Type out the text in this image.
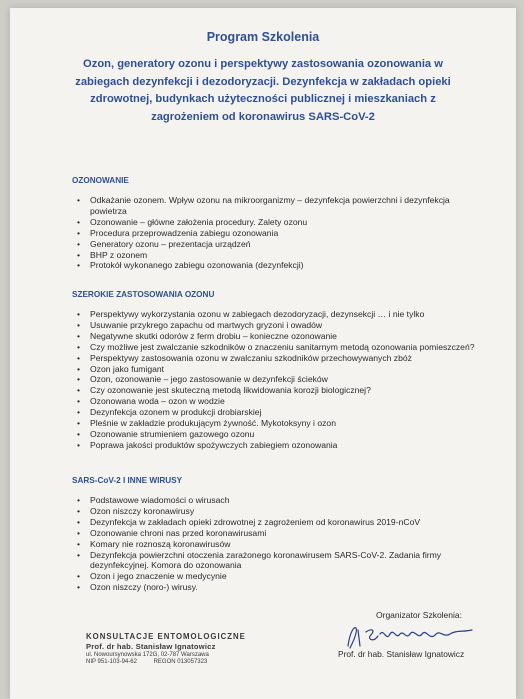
Program Szkolenia
Ozon, generatory ozonu i perspektywy zastosowania ozonowania w
zabiegach dezynfekcji i dezodoryzacji. Dezynfekcja w zakładach opieki
zdrowotnej, budynkach użyteczności publicznej i mieszkaniach z
zagrożeniem od koronawirus SARS-CoV-2
OZONOWANIE
• Odkażanie ozonem. Wpływ ozonu na mikroorganizmy – dezynfekcja powierzchni i dezynfekcja powietrza
• Ozonowanie – główne założenia procedury. Zalety ozonu
• Procedura przeprowadzenia zabiegu ozonowania
• Generatory ozonu – prezentacja urządzeń
• BHP z ozonem
• Protokół wykonanego zabiegu ozonowania (dezynfekcji)
SZEROKIE ZASTOSOWANIA OZONU
• Perspektywy wykorzystania ozonu w zabiegach dezodoryzacji, dezynsekcji … i nie tylko
• Usuwanie przykrego zapachu od martwych gryzoni i owadów
• Negatywne skutki odorów z ferm drobiu – konieczne ozonowanie
• Czy możliwe jest zwalczanie szkodników o znaczeniu sanitarnym metodą ozonowania pomieszczeń?
• Perspektywy zastosowania ozonu w zwalczaniu szkodników przechowywanych zbóż
• Ozon jako fumigant
• Ozon, ozonowanie – jego zastosowanie w dezynfekcji ścieków
• Czy ozonowanie jest skuteczną metodą likwidowania korozji biologicznej?
• Ozonowana woda – ozon w wodzie
• Dezynfekcja ozonem w produkcji drobiarskiej
• Pleśnie w zakładzie produkującym żywność. Mykotoksyny i ozon
• Ozonowanie strumieniem gazowego ozonu
• Poprawa jakości produktów spożywczych zabiegiem ozonowania
SARS-CoV-2 I INNE WIRUSY
• Podstawowe wiadomości o wirusach
• Ozon niszczy koronawirusy
• Dezynfekcja w zakładach opieki zdrowotnej z zagrożeniem od koronawirus 2019-nCoV
• Ozonowanie chroni nas przed koronawirusami
• Komary nie roznoszą koronawirusów
• Dezynfekcja powierzchni otoczenia zarażonego koronawirusem SARS-CoV-2. Zadania firmy dezynfekcyjnej. Komora do ozonowania
• Ozon i jego znaczenie w medycynie
• Ozon niszczy (noro-) wirusy.
Organizator Szkolenia:
Prof. dr hab. Stanisław Ignatowicz
KONSULTACJE ENTOMOLOGICZNE
Prof. dr hab. Stanisław Ignatowicz
ul. Nowoursynowska 172G, 02-787 Warszawa
NIP 951-103-94-62          REGON 013057323
